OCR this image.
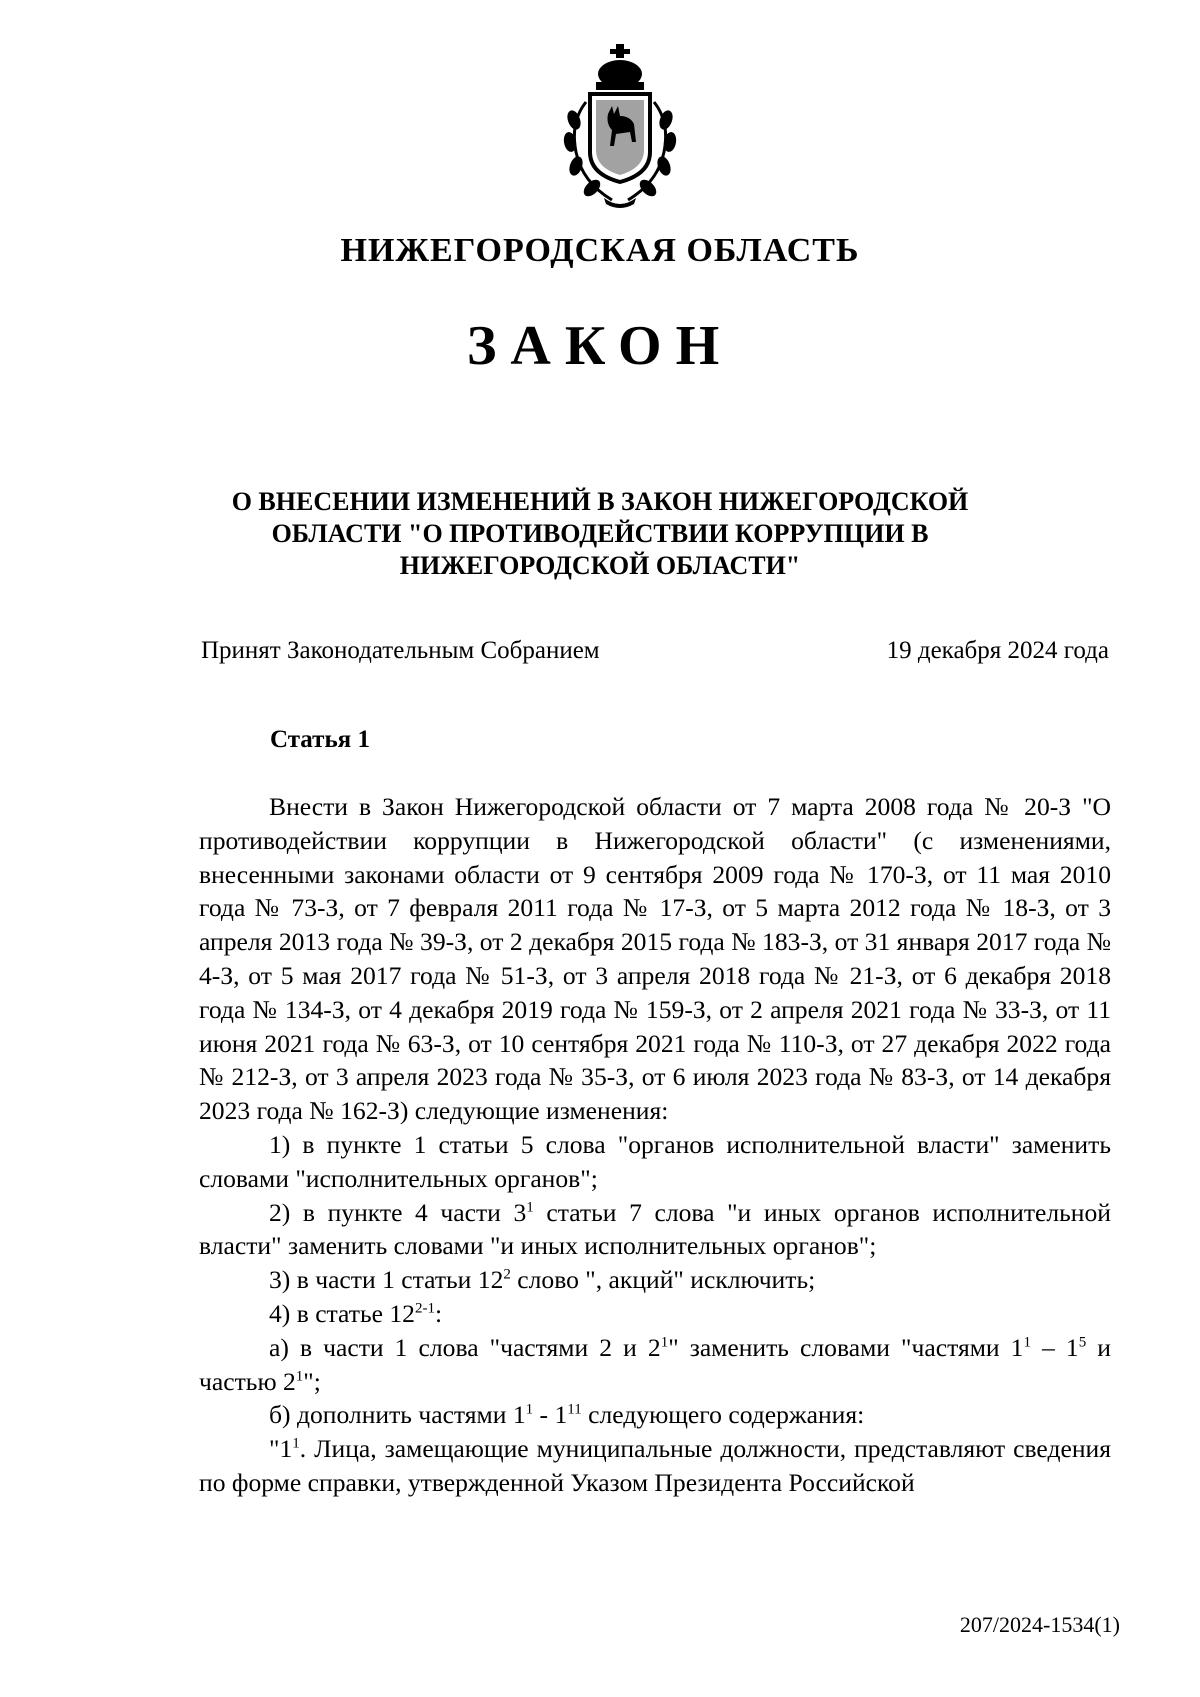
НИЖЕГОРОДСКАЯ ОБЛАСТЬ
ЗАКОН
О ВНЕСЕНИИ ИЗМЕНЕНИЙ В ЗАКОН НИЖЕГОРОДСКОЙ ОБЛАСТИ "О ПРОТИВОДЕЙСТВИИ КОРРУПЦИИ В НИЖЕГОРОДСКОЙ ОБЛАСТИ"
Принят Законодательным Собранием	19 декабря 2024 года
Статья 1

Внести в Закон Нижегородской области от 7 марта 2008 года № 20-З "О противодействии коррупции в Нижегородской области" (с изменениями, внесенными законами области от 9 сентября 2009 года № 170-З, от 11 мая 2010 года № 73-З, от 7 февраля 2011 года № 17-З, от 5 марта 2012 года № 18-З, от 3 апреля 2013 года № 39-З, от 2 декабря 2015 года № 183-З, от 31 января 2017 года № 4-З, от 5 мая 2017 года № 51-З, от 3 апреля 2018 года № 21-З, от 6 декабря 2018 года № 134-З, от 4 декабря 2019 года № 159-З, от 2 апреля 2021 года № 33-З, от 11 июня 2021 года № 63-З, от 10 сентября 2021 года № 110-З, от 27 декабря 2022 года № 212-З, от 3 апреля 2023 года № 35-З, от 6 июля 2023 года № 83-З, от 14 декабря 2023 года № 162-З) следующие изменения:

1) в пункте 1 статьи 5 слова "органов исполнительной власти" заменить словами "исполнительных органов";

2) в пункте 4 части $3^1$ статьи 7 слова "и иных органов исполнительной власти" заменить словами "и иных исполнительных органов";

3) в части 1 статьи $12^2$ слово ", акций" исключить;

4) в статье 12$^{2-1}$:

а) в части 1 слова "частями 2 и $2^1$" заменить словами "частями $1^1 - 1^5$ и частью $2^1$";

б) дополнить частями $1^1 - 1^{11}$ следующего содержания:

"$1^1$. Лица, замещающие муниципальные должности, представляют сведения по форме справки, утвержденной Указом Президента Российской

207/2024-1534(1)
